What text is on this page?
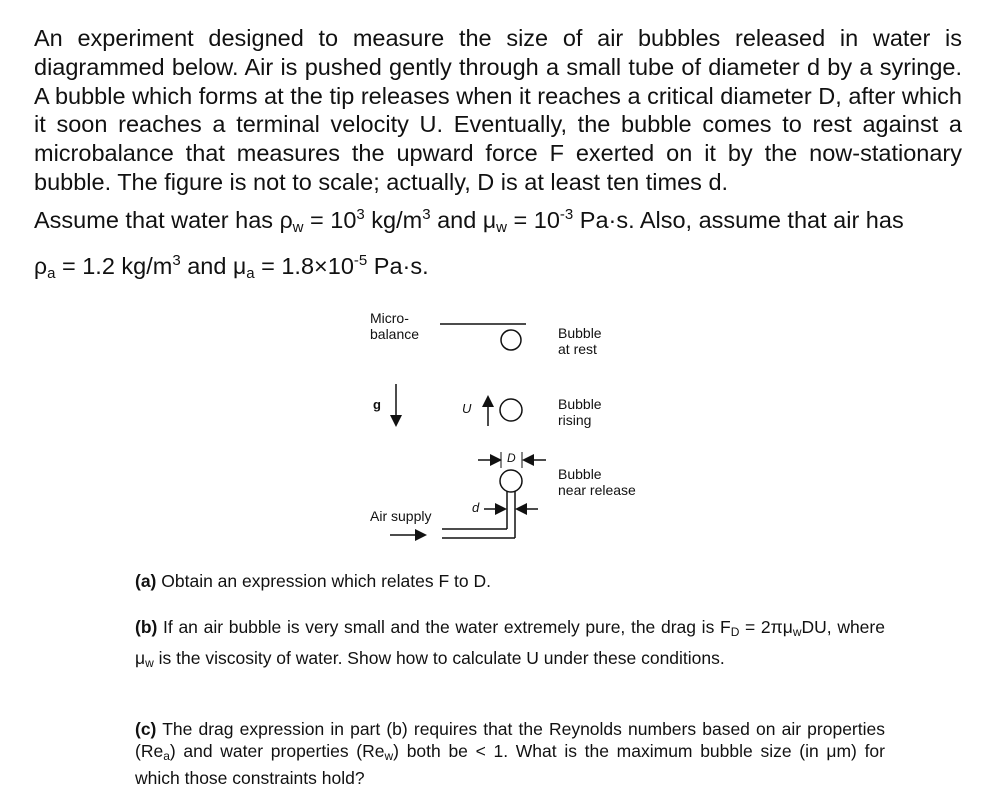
An experiment designed to measure the size of air bubbles released in water is diagrammed below. Air is pushed gently through a small tube of diameter d by a syringe. A bubble which forms at the tip releases when it reaches a critical diameter D, after which it soon reaches a terminal velocity U. Eventually, the bubble comes to rest against a microbalance that measures the upward force F exerted on it by the now-stationary bubble. The figure is not to scale; actually, D is at least ten times d.

Assume that water has $\rho_w = 10^3$ $kg/m^3$ and $\mu_w = 10^{-3}$ Pa·s. Also, assume that air has
$\rho_a = 1.2$ $kg/m^3$ and $\mu_a = 1.8\times 10^{-5}$ Pa·s.
Micro-
balance	Bubble
at rest
g	U	Bubble
rising
D
Bubble
near release
d
Air supply

(a) Obtain an expression which relates F to D.

(b) If an air bubble is very small and the water extremely pure, the drag is FD = 2πμwDU, where μw is the viscosity of water. Show how to calculate U under these conditions.

(c) The drag expression in part (b) requires that the Reynolds numbers based on air properties (Rea) and water properties (Rew) both be < 1. What is the maximum bubble size (in μm) for which those constraints hold?
